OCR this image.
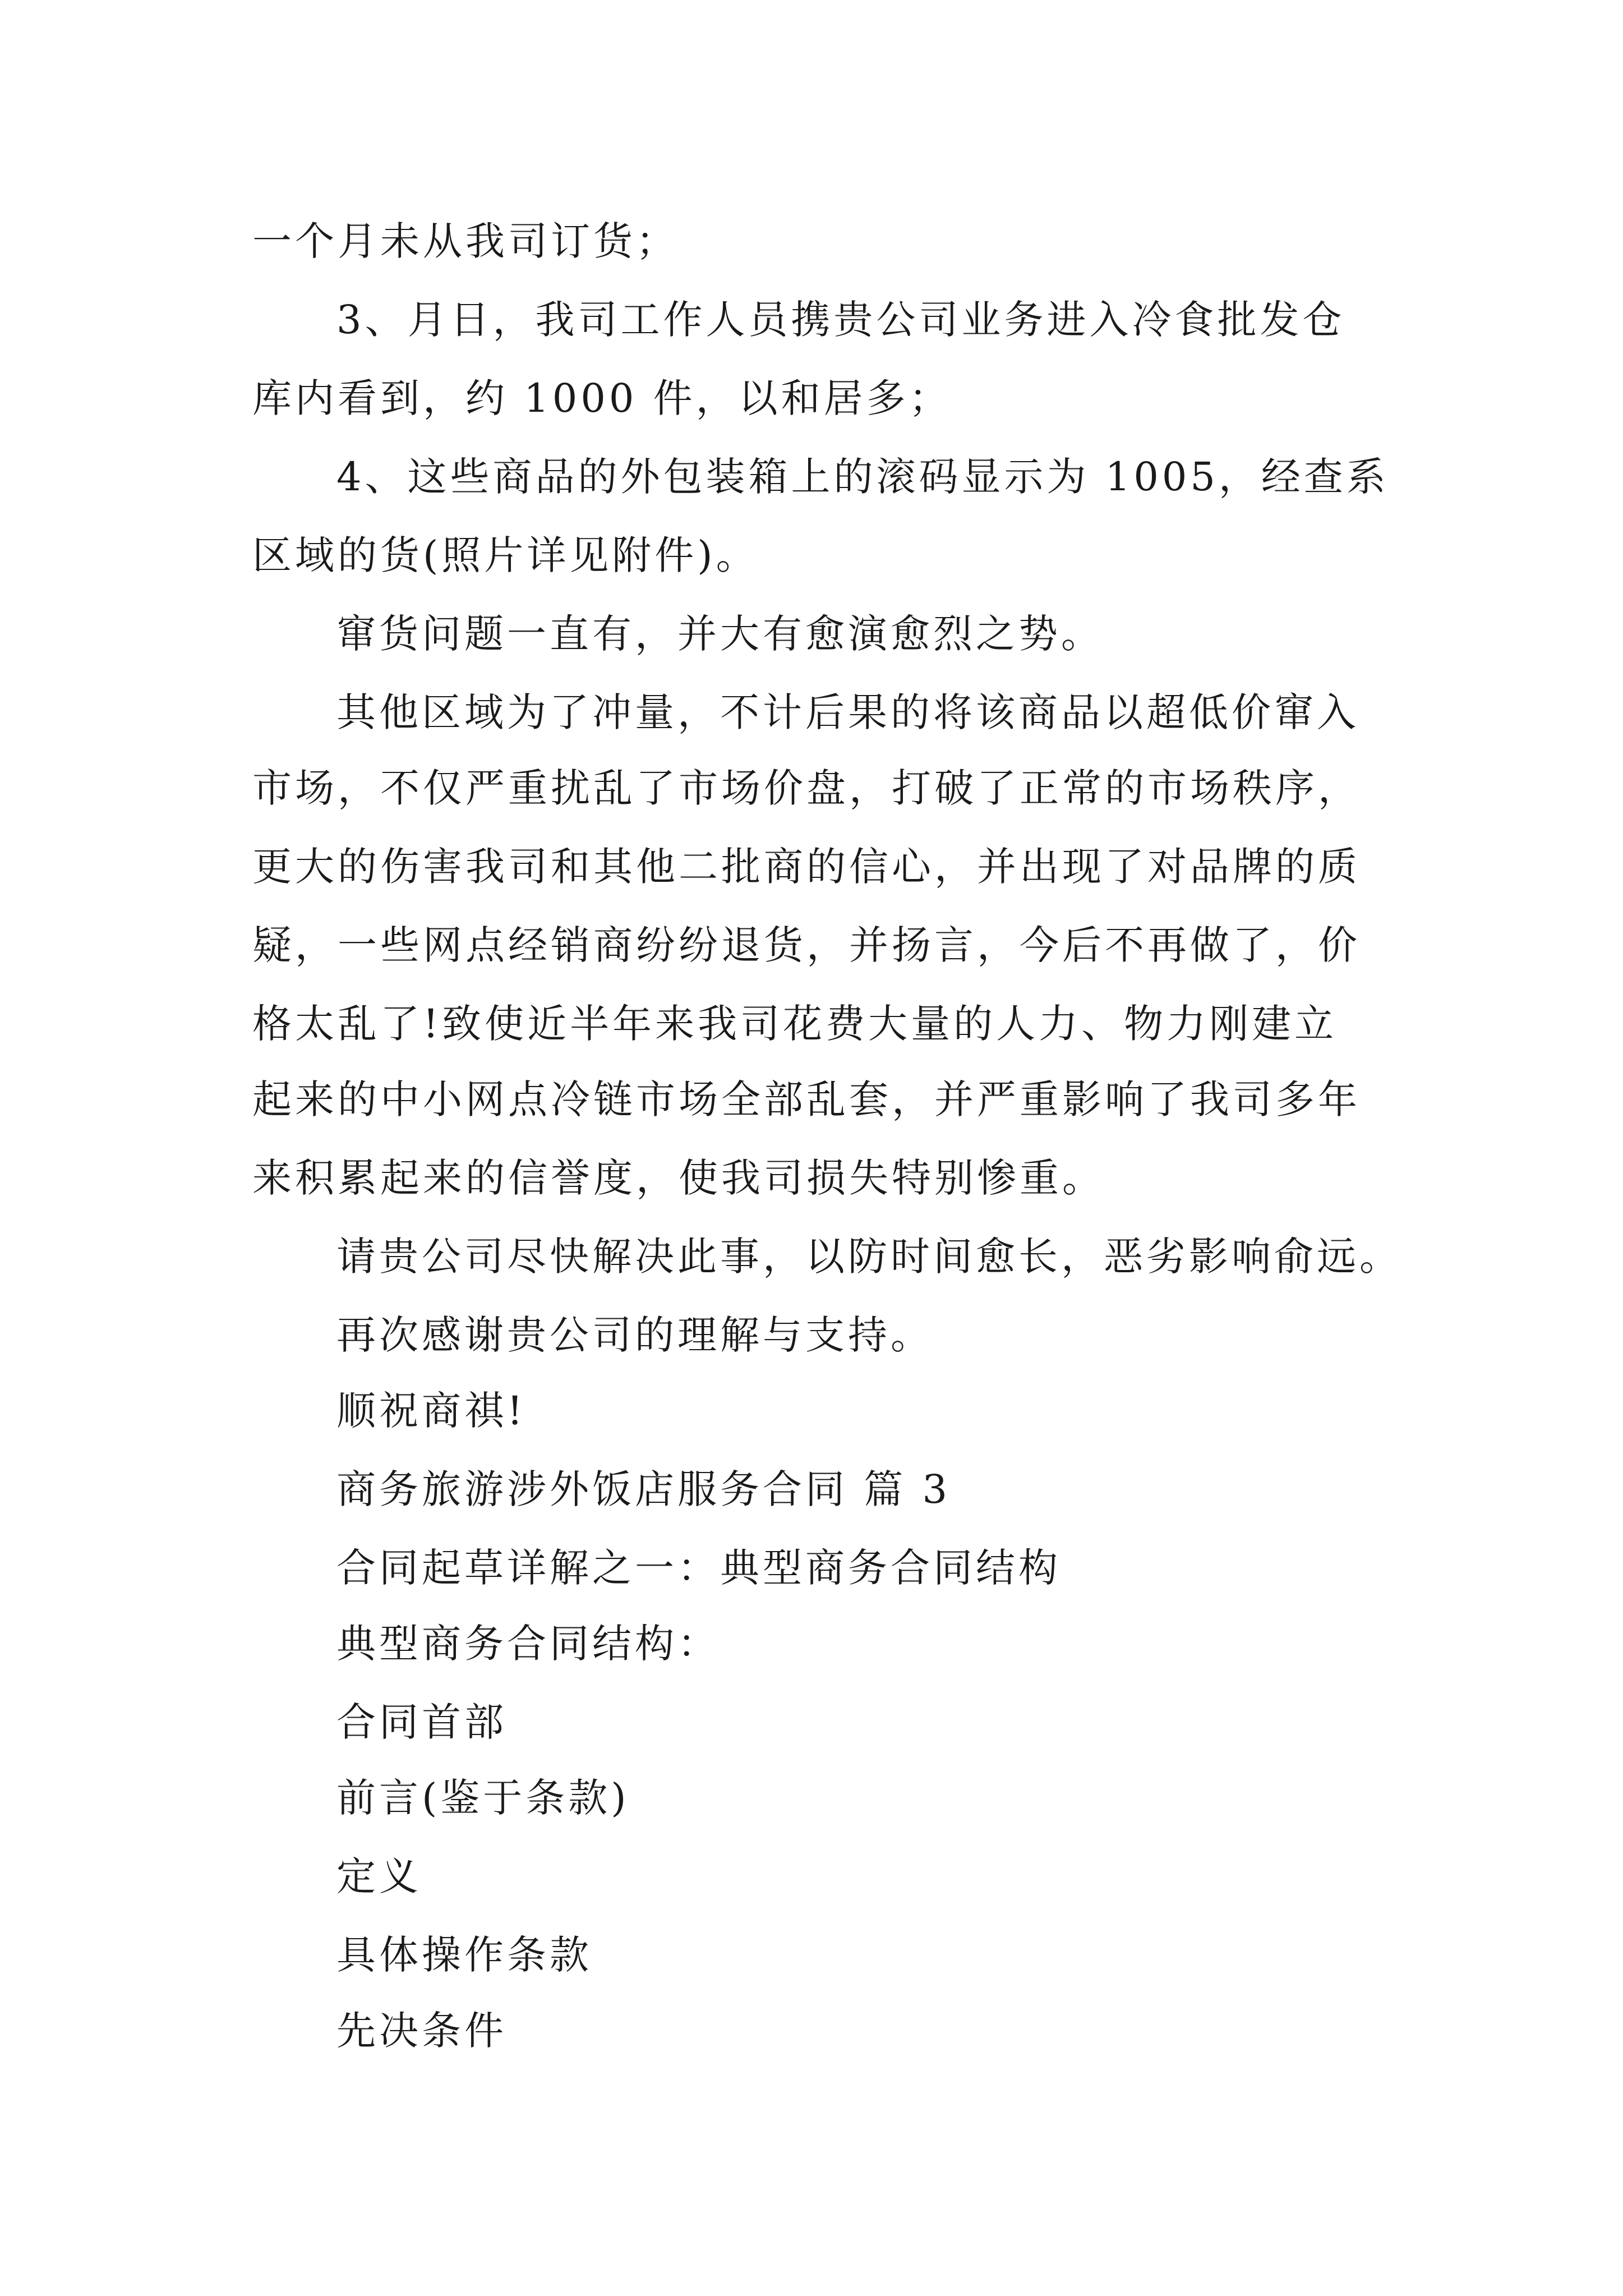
一个月未从我司订货；
3、月日，我司工作人员携贵公司业务进入冷食批发仓
库内看到，约 1000 件，以和居多；
4、这些商品的外包装箱上的滚码显示为 1005，经查系
区域的货(照片详见附件)。
窜货问题一直有，并大有愈演愈烈之势。
其他区域为了冲量，不计后果的将该商品以超低价窜入
市场，不仅严重扰乱了市场价盘，打破了正常的市场秩序，
更大的伤害我司和其他二批商的信心，并出现了对品牌的质
疑，一些网点经销商纷纷退货，并扬言，今后不再做了，价
格太乱了!致使近半年来我司花费大量的人力、物力刚建立
起来的中小网点冷链市场全部乱套，并严重影响了我司多年
来积累起来的信誉度，使我司损失特别惨重。
请贵公司尽快解决此事，以防时间愈长，恶劣影响俞远。
再次感谢贵公司的理解与支持。
顺祝商祺!
商务旅游涉外饭店服务合同 篇 3
合同起草详解之一：典型商务合同结构
典型商务合同结构：
合同首部
前言(鉴于条款)
定义
具体操作条款
先决条件
